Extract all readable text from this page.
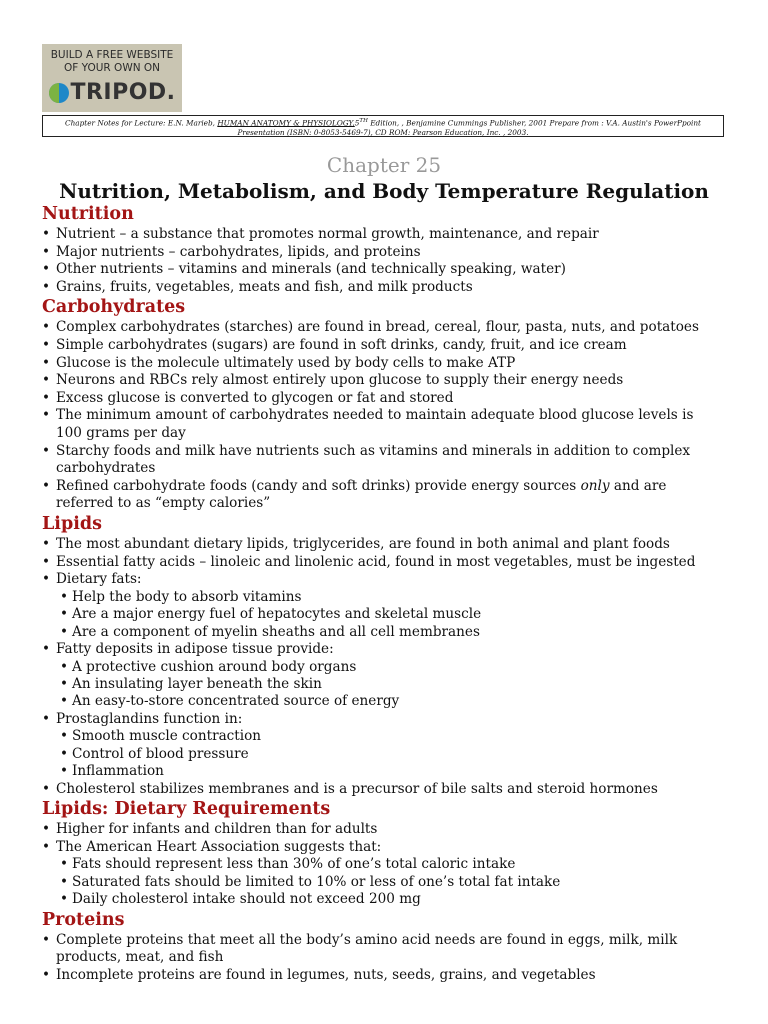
BUILD A FREE WEBSITE
OF YOUR OWN ON
TRIPOD.
Chapter Notes for Lecture: E.N. Marieb, HUMAN ANATOMY & PHYSIOLOGY,5TH Edition, , Benjamine Cummings Publisher, 2001 Prepare from : V.A. Austin's PowerPpoint
Presentation (ISBN: 0-8053-5469-7), CD ROM: Pearson Education, Inc. , 2003.
Chapter 25
Nutrition, Metabolism, and Body Temperature Regulation
Nutrition
• Nutrient – a substance that promotes normal growth, maintenance, and repair
• Major nutrients – carbohydrates, lipids, and proteins
• Other nutrients – vitamins and minerals (and technically speaking, water)
• Grains, fruits, vegetables, meats and fish, and milk products
Carbohydrates
• Complex carbohydrates (starches) are found in bread, cereal, flour, pasta, nuts, and potatoes
• Simple carbohydrates (sugars) are found in soft drinks, candy, fruit, and ice cream
• Glucose is the molecule ultimately used by body cells to make ATP
• Neurons and RBCs rely almost entirely upon glucose to supply their energy needs
• Excess glucose is converted to glycogen or fat and stored
• The minimum amount of carbohydrates needed to maintain adequate blood glucose levels is
100 grams per day
• Starchy foods and milk have nutrients such as vitamins and minerals in addition to complex
carbohydrates
• Refined carbohydrate foods (candy and soft drinks) provide energy sources only and are
referred to as “empty calories”
Lipids
• The most abundant dietary lipids, triglycerides, are found in both animal and plant foods
• Essential fatty acids – linoleic and linolenic acid, found in most vegetables, must be ingested
• Dietary fats:
• Help the body to absorb vitamins
• Are a major energy fuel of hepatocytes and skeletal muscle
• Are a component of myelin sheaths and all cell membranes
• Fatty deposits in adipose tissue provide:
• A protective cushion around body organs
• An insulating layer beneath the skin
• An easy-to-store concentrated source of energy
• Prostaglandins function in:
• Smooth muscle contraction
• Control of blood pressure
• Inflammation
• Cholesterol stabilizes membranes and is a precursor of bile salts and steroid hormones
Lipids: Dietary Requirements
• Higher for infants and children than for adults
• The American Heart Association suggests that:
• Fats should represent less than 30% of one’s total caloric intake
• Saturated fats should be limited to 10% or less of one’s total fat intake
• Daily cholesterol intake should not exceed 200 mg
Proteins
• Complete proteins that meet all the body’s amino acid needs are found in eggs, milk, milk
products, meat, and fish
• Incomplete proteins are found in legumes, nuts, seeds, grains, and vegetables
